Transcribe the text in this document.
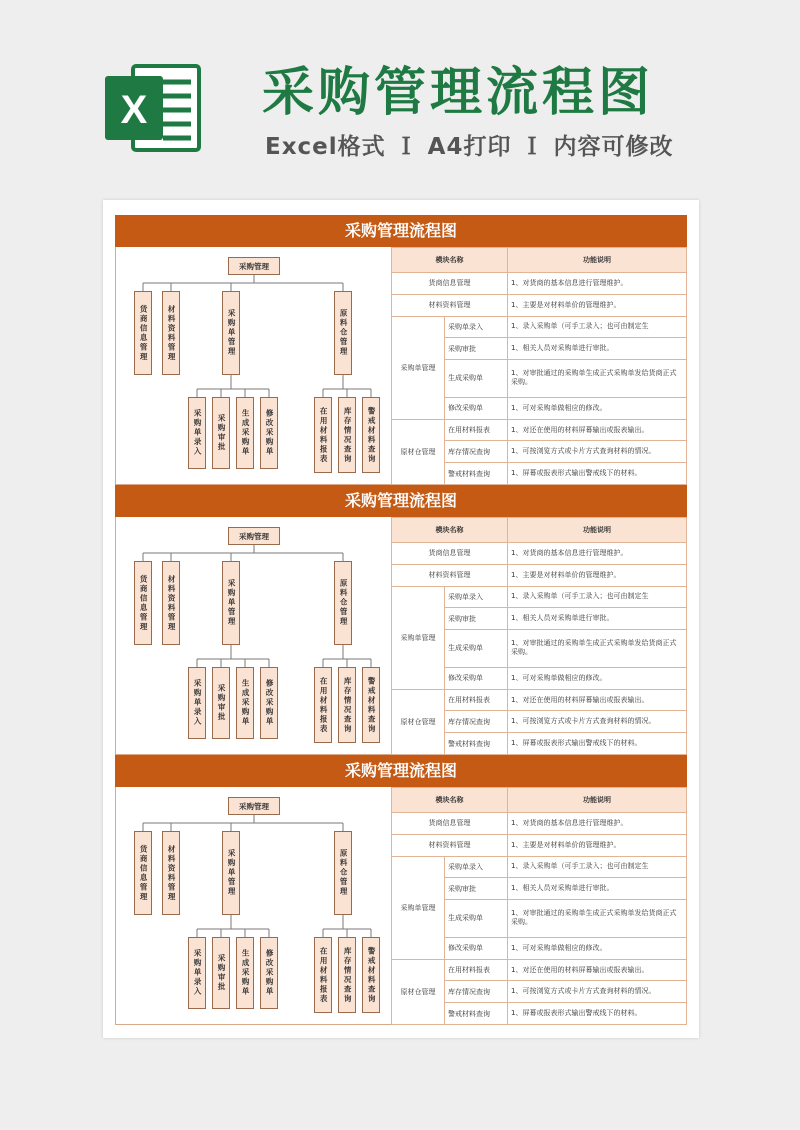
X 采购管理流程图
Excel格式 Ｉ A4打印 Ｉ 内容可修改
采购管理流程图
采购管理
货商信息管理	材料资料管理	采购单管理	原料仓管理
采购单录入	采购审批	生成采购单	修改采购单	在用材料报表	库存情况查询	警戒材料查询
模块名称		功能说明
货商信息管理		1、对货商的基本信息进行管理维护。
材料资料管理		1、主要是对材料单价的管理维护。
采购单管理	采购单录入	1、录入采购单（可手工录入；也可由制定生
	采购审批	1、相关人员对采购单进行审批。
	生成采购单	1、对审批通过的采购单生成正式采购单发给货商正式采购。
	修改采购单	1、可对采购单做相应的修改。
原材仓管理	在用材料报表	1、对还在使用的材料屏幕输出或报表输出。
	库存情况查询	1、可按浏览方式或卡片方式查询材料的情况。
	警戒材料查询	1、屏幕或报表形式输出警戒线下的材料。
采购管理流程图
采购管理
货商信息管理	材料资料管理	采购单管理	原料仓管理
采购单录入	采购审批	生成采购单	修改采购单	在用材料报表	库存情况查询	警戒材料查询
模块名称		功能说明
货商信息管理		1、对货商的基本信息进行管理维护。
材料资料管理		1、主要是对材料单价的管理维护。
采购单管理	采购单录入	1、录入采购单（可手工录入；也可由制定生
	采购审批	1、相关人员对采购单进行审批。
	生成采购单	1、对审批通过的采购单生成正式采购单发给货商正式采购。
	修改采购单	1、可对采购单做相应的修改。
原材仓管理	在用材料报表	1、对还在使用的材料屏幕输出或报表输出。
	库存情况查询	1、可按浏览方式或卡片方式查询材料的情况。
	警戒材料查询	1、屏幕或报表形式输出警戒线下的材料。
采购管理流程图
采购管理
货商信息管理	材料资料管理	采购单管理	原料仓管理
采购单录入	采购审批	生成采购单	修改采购单	在用材料报表	库存情况查询	警戒材料查询
模块名称		功能说明
货商信息管理		1、对货商的基本信息进行管理维护。
材料资料管理		1、主要是对材料单价的管理维护。
采购单管理	采购单录入	1、录入采购单（可手工录入；也可由制定生
	采购审批	1、相关人员对采购单进行审批。
	生成采购单	1、对审批通过的采购单生成正式采购单发给货商正式采购。
	修改采购单	1、可对采购单做相应的修改。
原材仓管理	在用材料报表	1、对还在使用的材料屏幕输出或报表输出。
	库存情况查询	1、可按浏览方式或卡片方式查询材料的情况。
	警戒材料查询	1、屏幕或报表形式输出警戒线下的材料。
